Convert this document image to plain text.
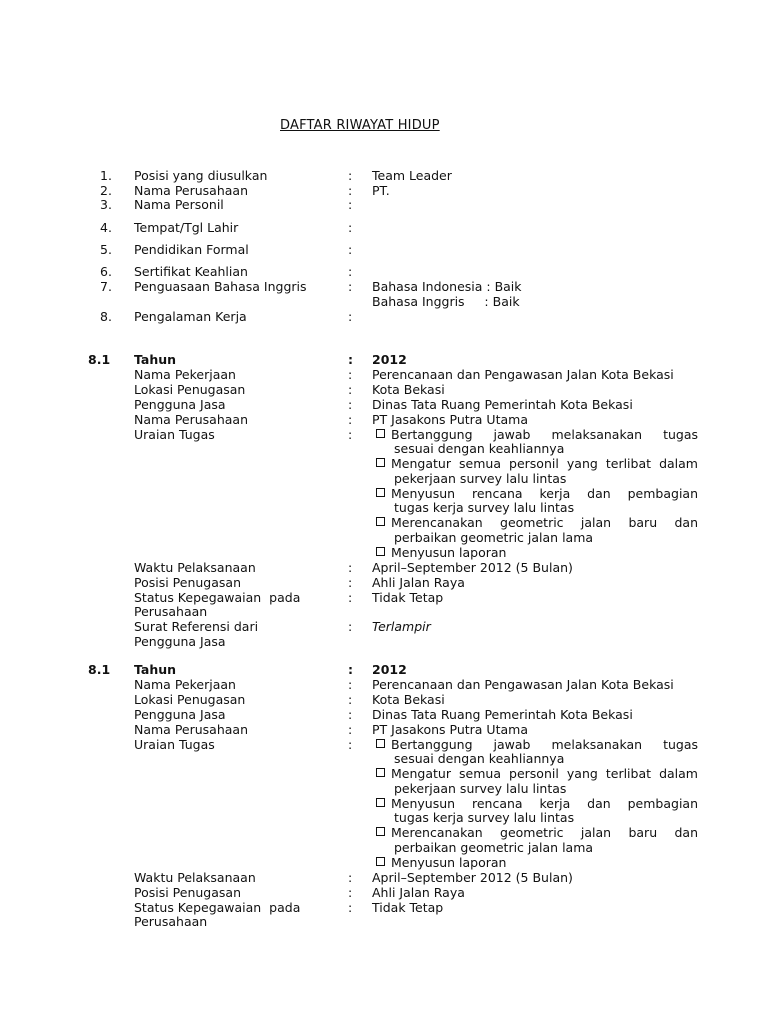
DAFTAR RIWAYAT HIDUP
1. Posisi yang diusulkan	: Team Leader
2. Nama Perusahaan	: PT.
3. Nama Personil	:
4. Tempat/Tgl Lahir	:
5. Pendidikan Formal	:
6. Sertifikat Keahlian	:
7. Penguasaan Bahasa Inggris	: Bahasa Indonesia : Baik
Bahasa Inggris     : Baik
8. Pengalaman Kerja	:
8.1 Tahun	: 2012
Nama Pekerjaan	: Perencanaan dan Pengawasan Jalan Kota Bekasi
Lokasi Penugasan	: Kota Bekasi
Pengguna Jasa	: Dinas Tata Ruang Pemerintah Kota Bekasi
Nama Perusahaan	: PT Jasakons Putra Utama
Uraian Tugas	:	Bertanggung jawab melaksanakan tugas
sesuai dengan keahliannya
Mengatur semua personil yang terlibat dalam
pekerjaan survey lalu lintas
Menyusun rencana kerja dan pembagian
tugas kerja survey lalu lintas
Merencanakan geometric jalan baru dan
perbaikan geometric jalan lama
Menyusun laporan
Waktu Pelaksanaan	: April–September 2012 (5 Bulan)
Posisi Penugasan	: Ahli Jalan Raya
Status Kepegawaian  pada
Perusahaan
: Tidak Tetap
Surat Referensi dari
Pengguna Jasa
: Terlampir
8.1 Tahun	: 2012
Nama Pekerjaan	: Perencanaan dan Pengawasan Jalan Kota Bekasi
Lokasi Penugasan	: Kota Bekasi
Pengguna Jasa	: Dinas Tata Ruang Pemerintah Kota Bekasi
Nama Perusahaan	: PT Jasakons Putra Utama
Uraian Tugas	:	Bertanggung jawab melaksanakan tugas
sesuai dengan keahliannya
Mengatur semua personil yang terlibat dalam
pekerjaan survey lalu lintas
Menyusun rencana kerja dan pembagian
tugas kerja survey lalu lintas
Merencanakan geometric jalan baru dan
perbaikan geometric jalan lama
Menyusun laporan
Waktu Pelaksanaan	: April–September 2012 (5 Bulan)
Posisi Penugasan	: Ahli Jalan Raya
Status Kepegawaian  pada
Perusahaan
: Tidak Tetap
